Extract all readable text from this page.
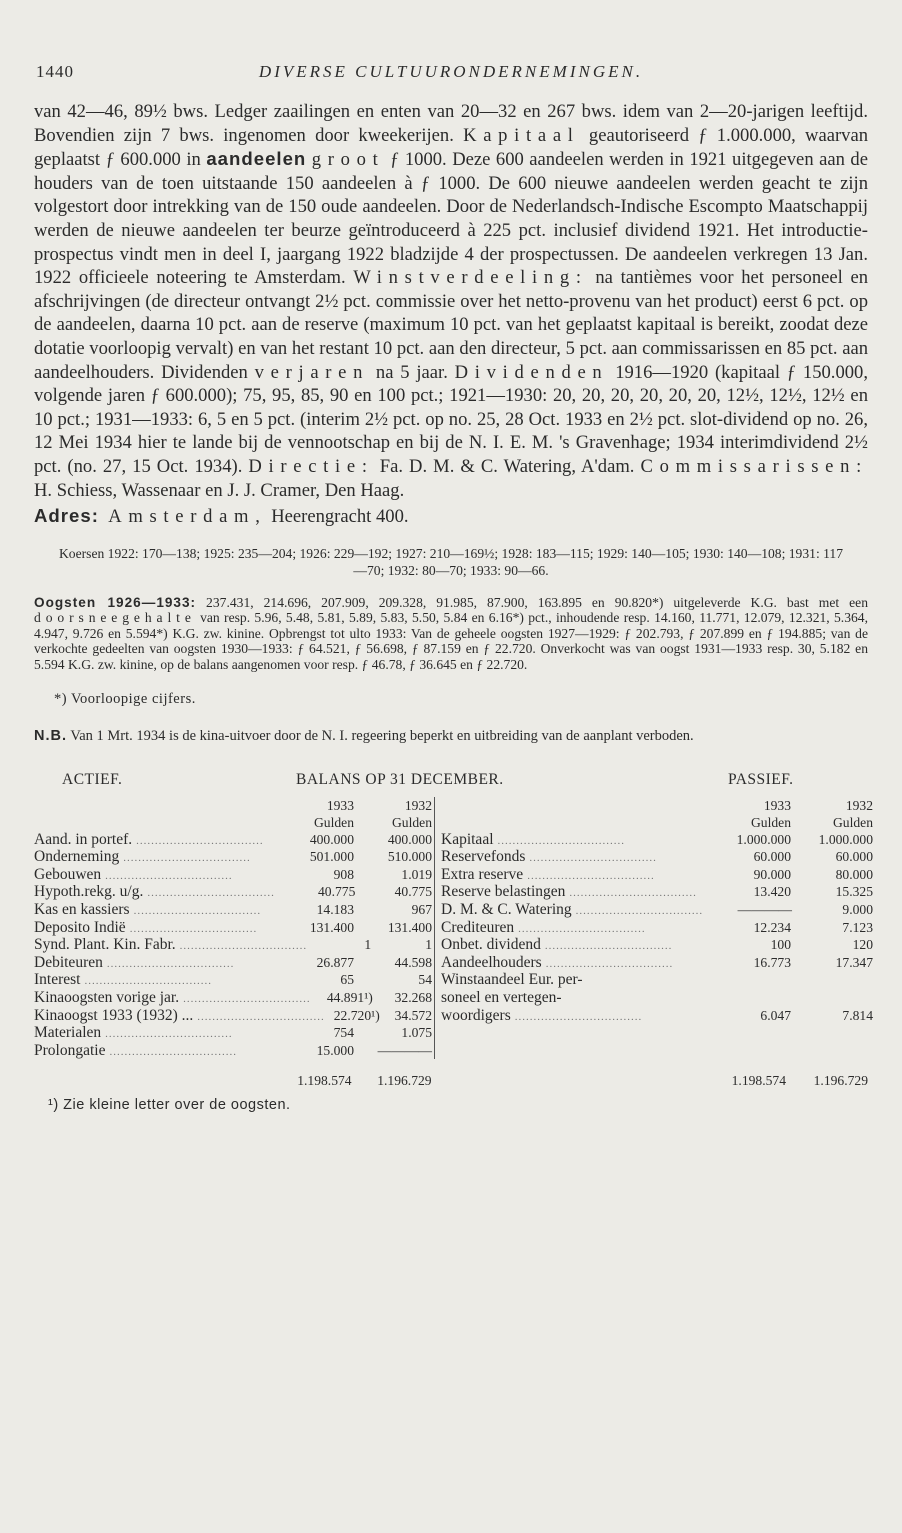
1440	DIVERSE CULTUURONDERNEMINGEN.

van 42—46, 89½ bws. Ledger zaailingen en enten van 20—32 en 267 bws. idem van 2—20-jarigen leeftijd. Bovendien zijn 7 bws. ingenomen door kweekerijen. Kapitaal geautoriseerd ƒ 1.000.000, waarvan geplaatst ƒ 600.000 in aandeelen groot ƒ 1000. Deze 600 aandeelen werden in 1921 uitgegeven aan de houders van de toen uitstaande 150 aandeelen à ƒ 1000. De 600 nieuwe aandeelen werden geacht te zijn volgestort door intrekking van de 150 oude aandeelen. Door de Nederlandsch-Indische Escompto Maatschappij werden de nieuwe aandeelen ter beurze geïntroduceerd à 225 pct. inclusief dividend 1921. Het introductie-prospectus vindt men in deel I, jaargang 1922 bladzijde 4 der prospectussen. De aandeelen verkregen 13 Jan. 1922 officieele noteering te Amsterdam. Winstverdeeling: na tantièmes voor het personeel en afschrijvingen (de directeur ontvangt 2½ pct. commissie over het netto-provenu van het product) eerst 6 pct. op de aandeelen, daarna 10 pct. aan de reserve (maximum 10 pct. van het geplaatst kapitaal is bereikt, zoodat deze dotatie voorloopig vervalt) en van het restant 10 pct. aan den directeur, 5 pct. aan commissarissen en 85 pct. aan aandeelhouders. Dividenden verjaren na 5 jaar. Dividenden 1916—1920 (kapitaal ƒ 150.000, volgende jaren ƒ 600.000); 75, 95, 85, 90 en 100 pct.; 1921—1930: 20, 20, 20, 20, 20, 20, 12½, 12½, 12½ en 10 pct.; 1931—1933: 6, 5 en 5 pct. (interim 2½ pct. op no. 25, 28 Oct. 1933 en 2½ pct. slot-dividend op no. 26, 12 Mei 1934 hier te lande bij de vennootschap en bij de N. I. E. M. 's Gravenhage; 1934 interimdividend 2½ pct. (no. 27, 15 Oct. 1934). Directie: Fa. D. M. & C. Watering, A'dam. Commissarissen: H. Schiess, Wassenaar en J. J. Cramer, Den Haag.

Adres: Amsterdam, Heerengracht 400.

Koersen 1922: 170—138; 1925: 235—204; 1926: 229—192; 1927: 210—169½; 1928: 183—115; 1929: 140—105; 1930: 140—108; 1931: 117—70; 1932: 80—70; 1933: 90—66.

Oogsten 1926—1933: 237.431, 214.696, 207.909, 209.328, 91.985, 87.900, 163.895 en 90.820*) uitgeleverde K.G. bast met een doorsneegehalte van resp. 5.96, 5.48, 5.81, 5.89, 5.83, 5.50, 5.84 en 6.16*) pct., inhoudende resp. 14.160, 11.771, 12.079, 12.321, 5.364, 4.947, 9.726 en 5.594*) K.G. zw. kinine. Opbrengst tot ulto 1933: Van de geheele oogsten 1927—1929: ƒ 202.793, ƒ 207.899 en ƒ 194.885; van de verkochte gedeelten van oogsten 1930—1933: ƒ 64.521, ƒ 56.698, ƒ 87.159 en ƒ 22.720. Onverkocht was van oogst 1931—1933 resp. 30, 5.182 en 5.594 K.G. zw. kinine, op de balans aangenomen voor resp. ƒ 46.78, ƒ 36.645 en ƒ 22.720.

*) Voorloopige cijfers.

N.B. Van 1 Mrt. 1934 is de kina-uitvoer door de N. I. regeering beperkt en uitbreiding van de aanplant verboden.

ACTIEF.	BALANS OP 31 DECEMBER.	PASSIEF.
1933	1932
Gulden	Gulden
Aand. in portef. ..................................	400.000	400.000
Onderneming ..................................	501.000	510.000
Gebouwen ..................................	908	1.019
Hypoth.rekg. u/g. ..................................	40.775	40.775
Kas en kassiers ..................................	14.183	967
Deposito Indië ..................................	131.400	131.400
Synd. Plant. Kin. Fabr. ..................................	1	1
Debiteuren ..................................	26.877	44.598
Interest ..................................	65	54
Kinaoogsten vorige jar. ..................................	44.891¹)	32.268
Kinaoogst 1933 (1932) ... .................................. 22.720¹)	34.572
Materialen ..................................	754	1.075
Prolongatie ..................................	15.000	————
1933	1932
Gulden	Gulden
Kapitaal ..................................	1.000.000	1.000.000
Reservefonds ..................................	60.000	60.000
Extra reserve ..................................	90.000	80.000
Reserve belastingen ..................................	13.420	15.325
D. M. & C. Watering ..................................	————	9.000
Crediteuren ..................................	12.234	7.123
Onbet. dividend ..................................	100	120
Aandeelhouders ..................................	16.773	17.347
Winstaandeel Eur. per-
soneel en vertegen-
woordigers ..................................	6.047	7.814
1.198.574	1.196.729	1.198.574	1.196.729

¹) Zie kleine letter over de oogsten.
